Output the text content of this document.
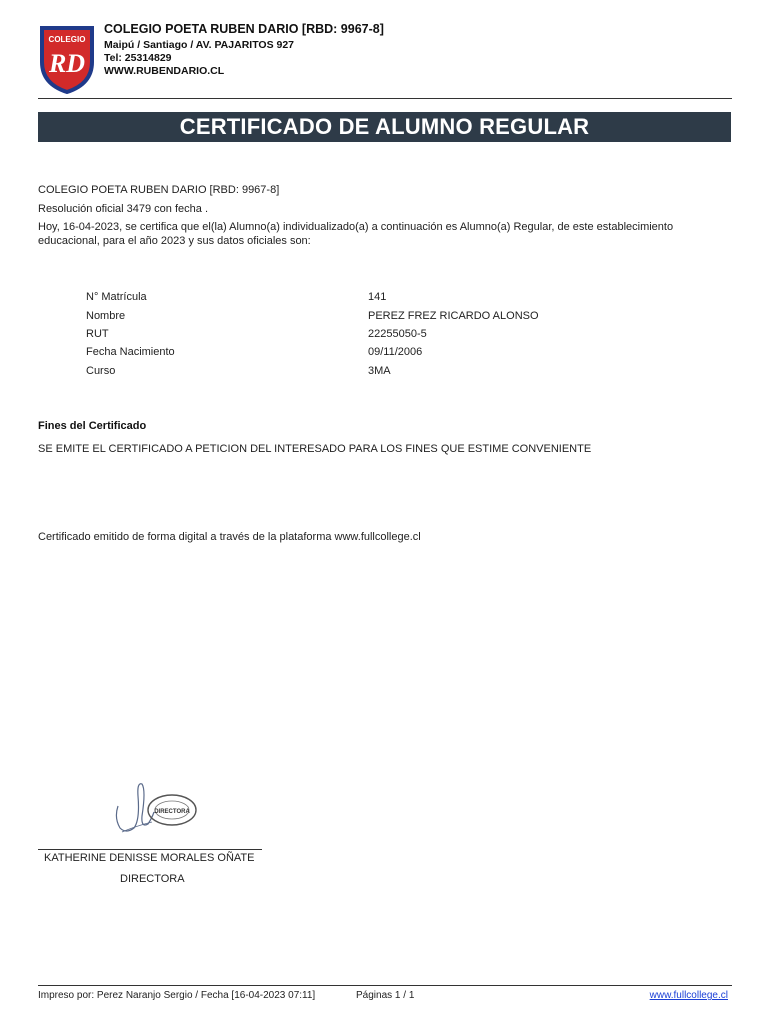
COLEGIO
RD
COLEGIO POETA RUBEN DARIO [RBD: 9967-8]
Maipú / Santiago / AV. PAJARITOS 927
Tel: 25314829
WWW.RUBENDARIO.CL
CERTIFICADO DE ALUMNO REGULAR
COLEGIO POETA RUBEN DARIO [RBD: 9967-8]
Resolución oficial 3479 con fecha .
Hoy, 16-04-2023, se certifica que el(la) Alumno(a) individualizado(a) a continuación es Alumno(a) Regular, de este establecimiento
educacional, para el año 2023 y sus datos oficiales son:
N° Matrícula	141
Nombre	PEREZ FREZ RICARDO ALONSO
RUT	22255050-5
Fecha Nacimiento	09/11/2006
Curso	3MA
Fines del Certificado
SE EMITE EL CERTIFICADO A PETICION DEL INTERESADO PARA LOS FINES QUE ESTIME CONVENIENTE
Certificado emitido de forma digital a través de la plataforma www.fullcollege.cl
DIRECTORA
KATHERINE DENISSE MORALES OÑATE
DIRECTORA
Impreso por: Perez Naranjo Sergio / Fecha [16-04-2023 07:11]	Páginas 1 / 1	www.fullcollege.cl
